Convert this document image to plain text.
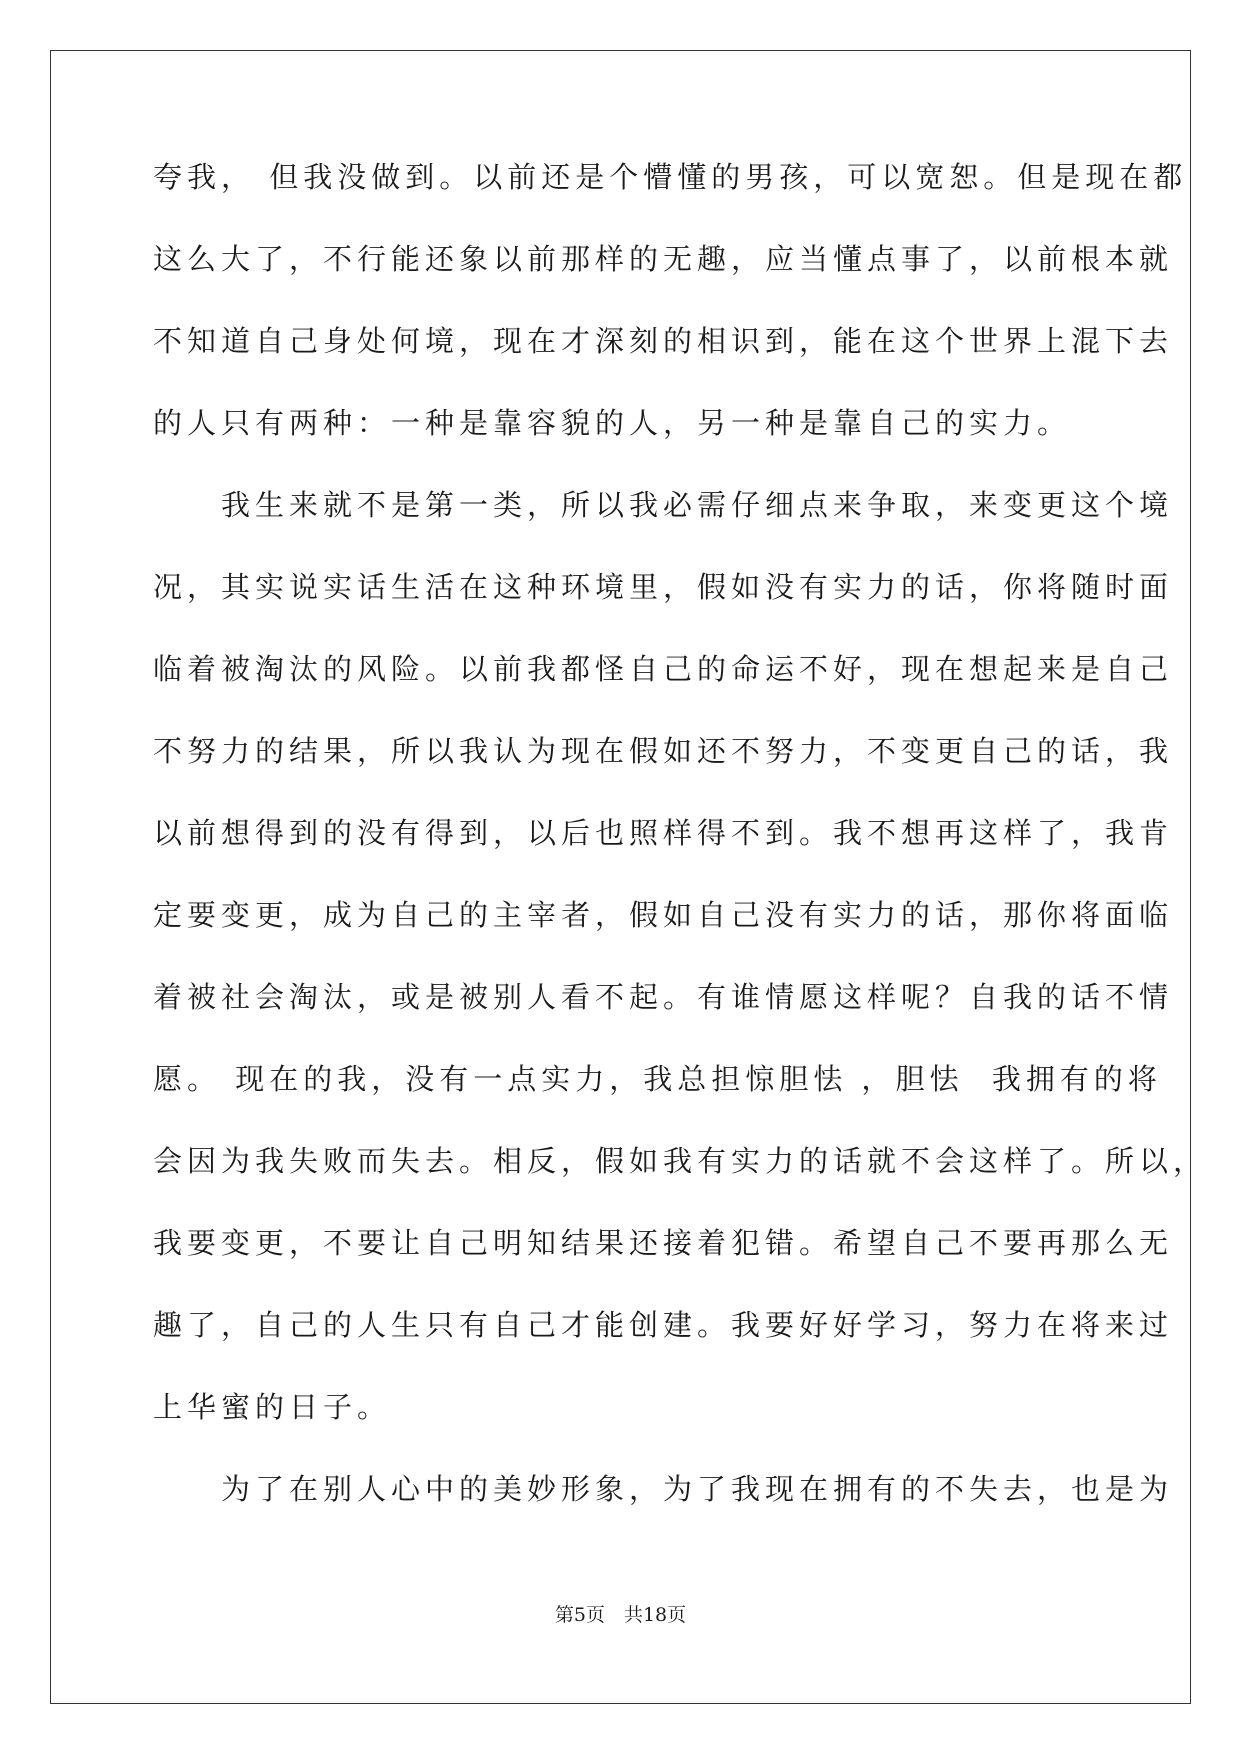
夸我， 但我没做到。以前还是个懵懂的男孩，可以宽恕。但是现在都
这么大了，不行能还象以前那样的无趣，应当懂点事了，以前根本就
不知道自己身处何境，现在才深刻的相识到，能在这个世界上混下去
的人只有两种：一种是靠容貌的人，另一种是靠自己的实力。
　　我生来就不是第一类，所以我必需仔细点来争取，来变更这个境
况，其实说实话生活在这种环境里，假如没有实力的话，你将随时面
临着被淘汰的风险。以前我都怪自己的命运不好，现在想起来是自己
不努力的结果，所以我认为现在假如还不努力，不变更自己的话，我
以前想得到的没有得到，以后也照样得不到。我不想再这样了，我肯
定要变更，成为自己的主宰者，假如自己没有实力的话，那你将面临
着被社会淘汰，或是被别人看不起。有谁情愿这样呢？自我的话不情
愿。 现在的我，没有一点实力，我总担惊胆怯 ，胆怯  我拥有的将
会因为我失败而失去。相反，假如我有实力的话就不会这样了。所以，
我要变更，不要让自己明知结果还接着犯错。希望自己不要再那么无
趣了，自己的人生只有自己才能创建。我要好好学习，努力在将来过
上华蜜的日子。
　　为了在别人心中的美妙形象，为了我现在拥有的不失去，也是为
第5页　共18页
